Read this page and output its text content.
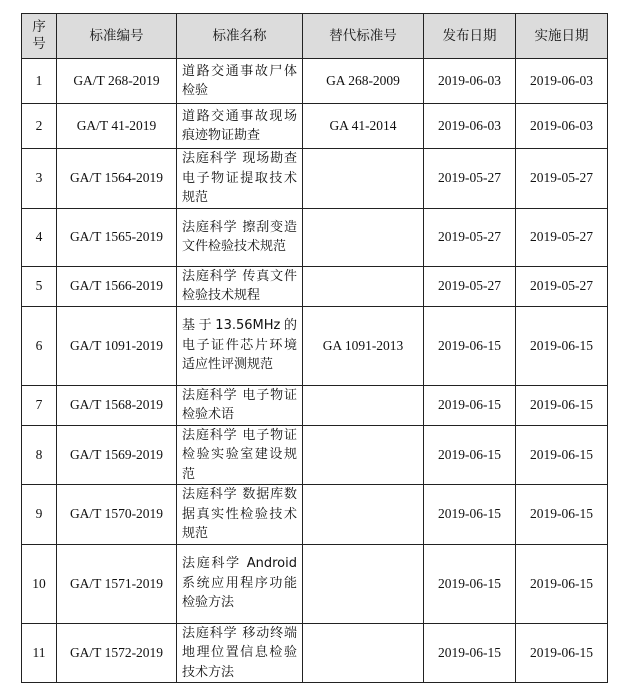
序号	标准编号	标准名称	替代标准号	发布日期	实施日期
1	GA/T 268-2019	道路交通事故尸体检验	GA 268-2009	2019-06-03	2019-06-03
2	GA/T 41-2019	道路交通事故现场痕迹物证勘查	GA 41-2014	2019-06-03	2019-06-03
3	GA/T 1564-2019	法庭科学 现场勘查电子物证提取技术规范		2019-05-27	2019-05-27
4	GA/T 1565-2019	法庭科学 擦刮变造文件检验技术规范		2019-05-27	2019-05-27
5	GA/T 1566-2019	法庭科学 传真文件检验技术规程		2019-05-27	2019-05-27
6	GA/T 1091-2019	基于13.56MHz的电子证件芯片环境适应性评测规范	GA 1091-2013	2019-06-15	2019-06-15
7	GA/T 1568-2019	法庭科学 电子物证检验术语		2019-06-15	2019-06-15
8	GA/T 1569-2019	法庭科学 电子物证检验实验室建设规范		2019-06-15	2019-06-15
9	GA/T 1570-2019	法庭科学 数据库数据真实性检验技术规范		2019-06-15	2019-06-15
10	GA/T 1571-2019	法庭科学 Android系统应用程序功能检验方法		2019-06-15	2019-06-15
11	GA/T 1572-2019	法庭科学 移动终端地理位置信息检验技术方法		2019-06-15	2019-06-15
